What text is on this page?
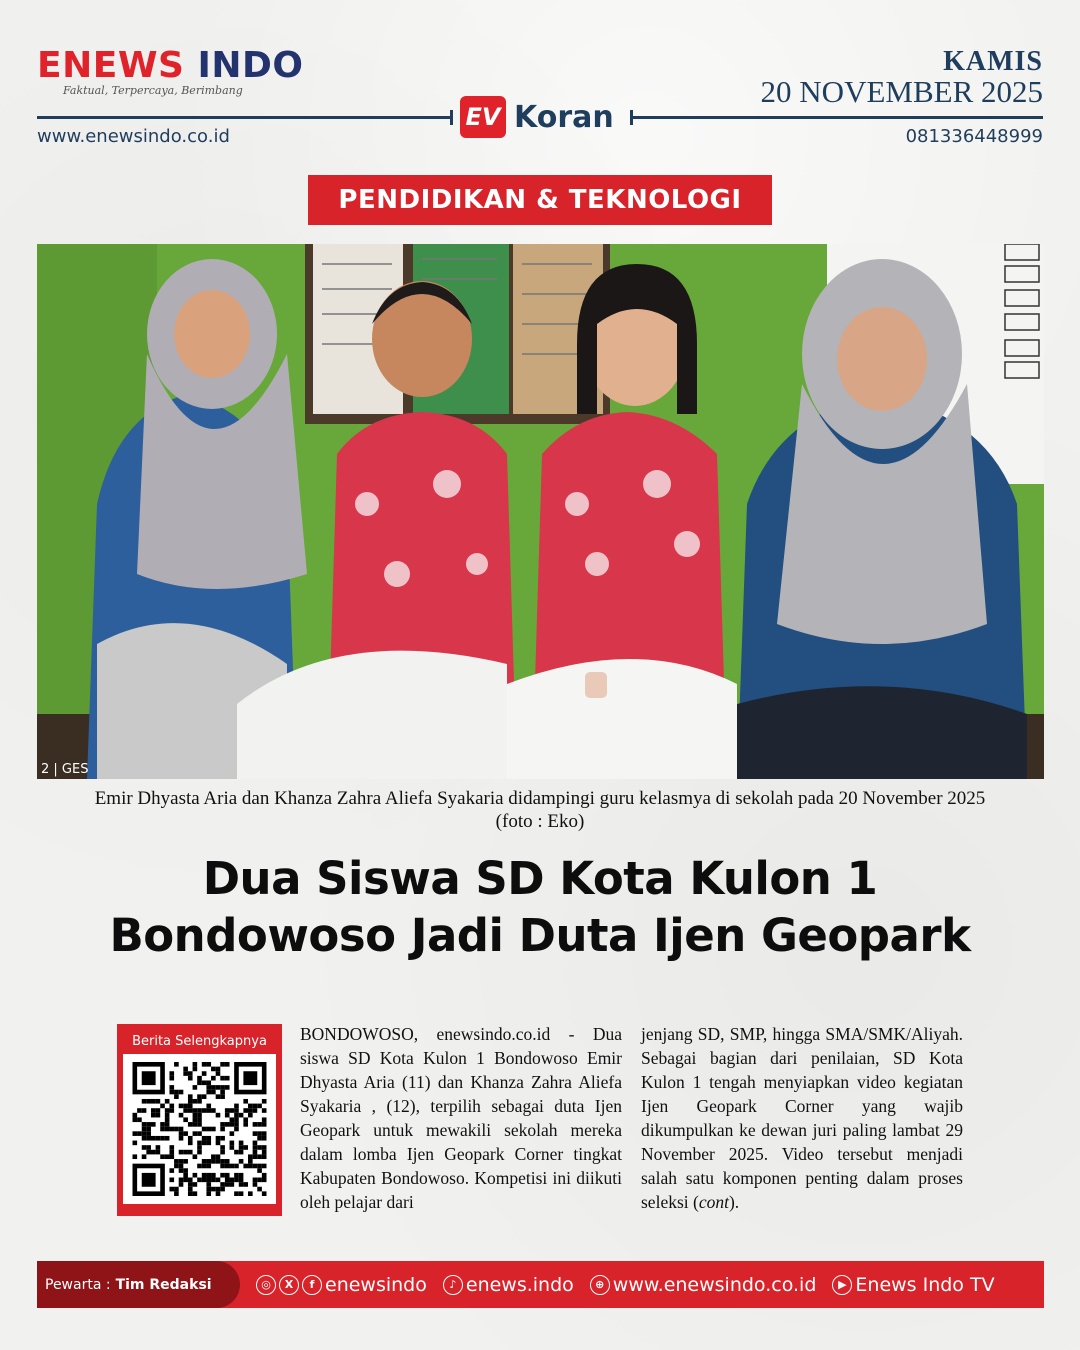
ENEWS INDO
Faktual, Terpercaya, Berimbang
KAMIS
20 NOVEMBER 2025
EV Koran
www.enewsindo.co.id	081336448999
PENDIDIKAN & TEKNOLOGI
2 | GES
Emir Dhyasta Aria dan Khanza Zahra Aliefa Syakaria didampingi guru kelasmya di sekolah pada 20 November 2025 (foto : Eko)
Dua Siswa SD Kota Kulon 1
Bondowoso Jadi Duta Ijen Geopark
Berita Selengkapnya	BONDOWOSO, enewsindo.co.id - Dua siswa SD Kota Kulon 1 Bondowoso Emir Dhyasta Aria (11) dan Khanza Zahra Aliefa Syakaria , (12), terpilih sebagai duta Ijen Geopark untuk mewakili sekolah mereka dalam lomba Ijen Geopark Corner tingkat Kabupaten Bondowoso. Kompetisi ini diikuti oleh pelajar dari
jenjang SD, SMP, hingga SMA/SMK/Aliyah. Sebagai bagian dari penilaian, SD Kota Kulon 1 tengah menyiapkan video kegiatan Ijen Geopark Corner yang wajib dikumpulkan ke dewan juri paling lambat 29 November 2025. Video tersebut menjadi salah satu komponen penting dalam proses seleksi (cont).
Pewarta : Tim Redaksi	◎	X	f enewsindo	♪ enews.indo	⊕ www.enewsindo.co.id	▶ Enews Indo TV
